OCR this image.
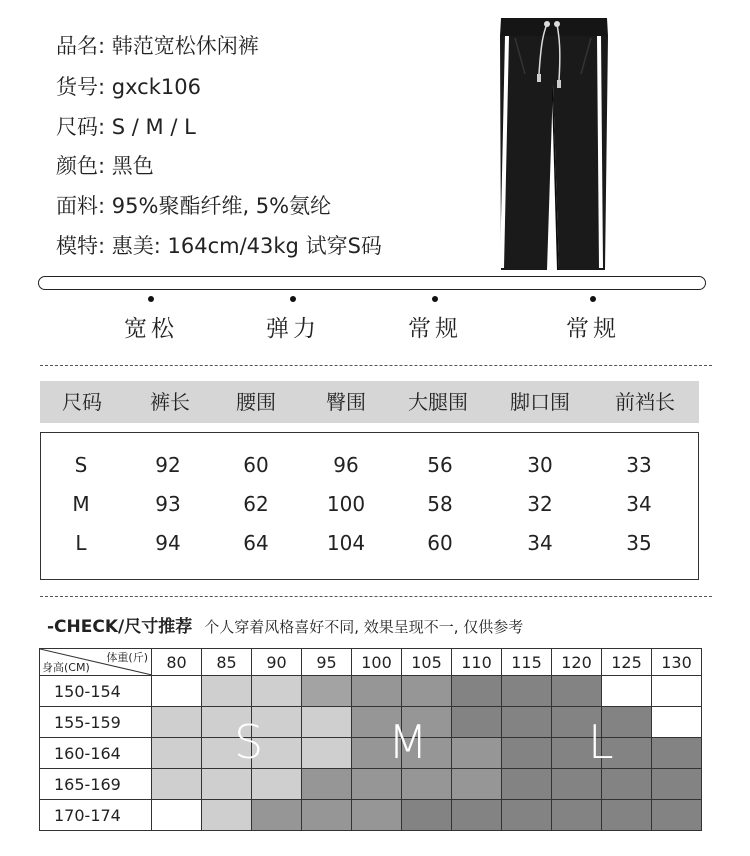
品名: 韩范宽松休闲裤
货号: gxck106
尺码: S / M / L
颜色: 黑色
面料: 95%聚酯纤维, 5%氨纶
模特: 惠美: 164cm/43kg 试穿S码
宽松	弹力	常规	常规
尺码 裤长 腰围	臀围 大腿围 脚口围 前裆长
S	92	60	96	56	30	33
M	93	62	100	58	32	34
L	94	64	104	60	34	35
-CHECK/尺寸推荐 个人穿着风格喜好不同, 效果呈现不一, 仅供参考
体重(斤)
身高(CM)	80	85	90	95	100	105	110	115	120	125	130
150-154											
155-159											
160-164											
165-169											
170-174											
S	M	L
